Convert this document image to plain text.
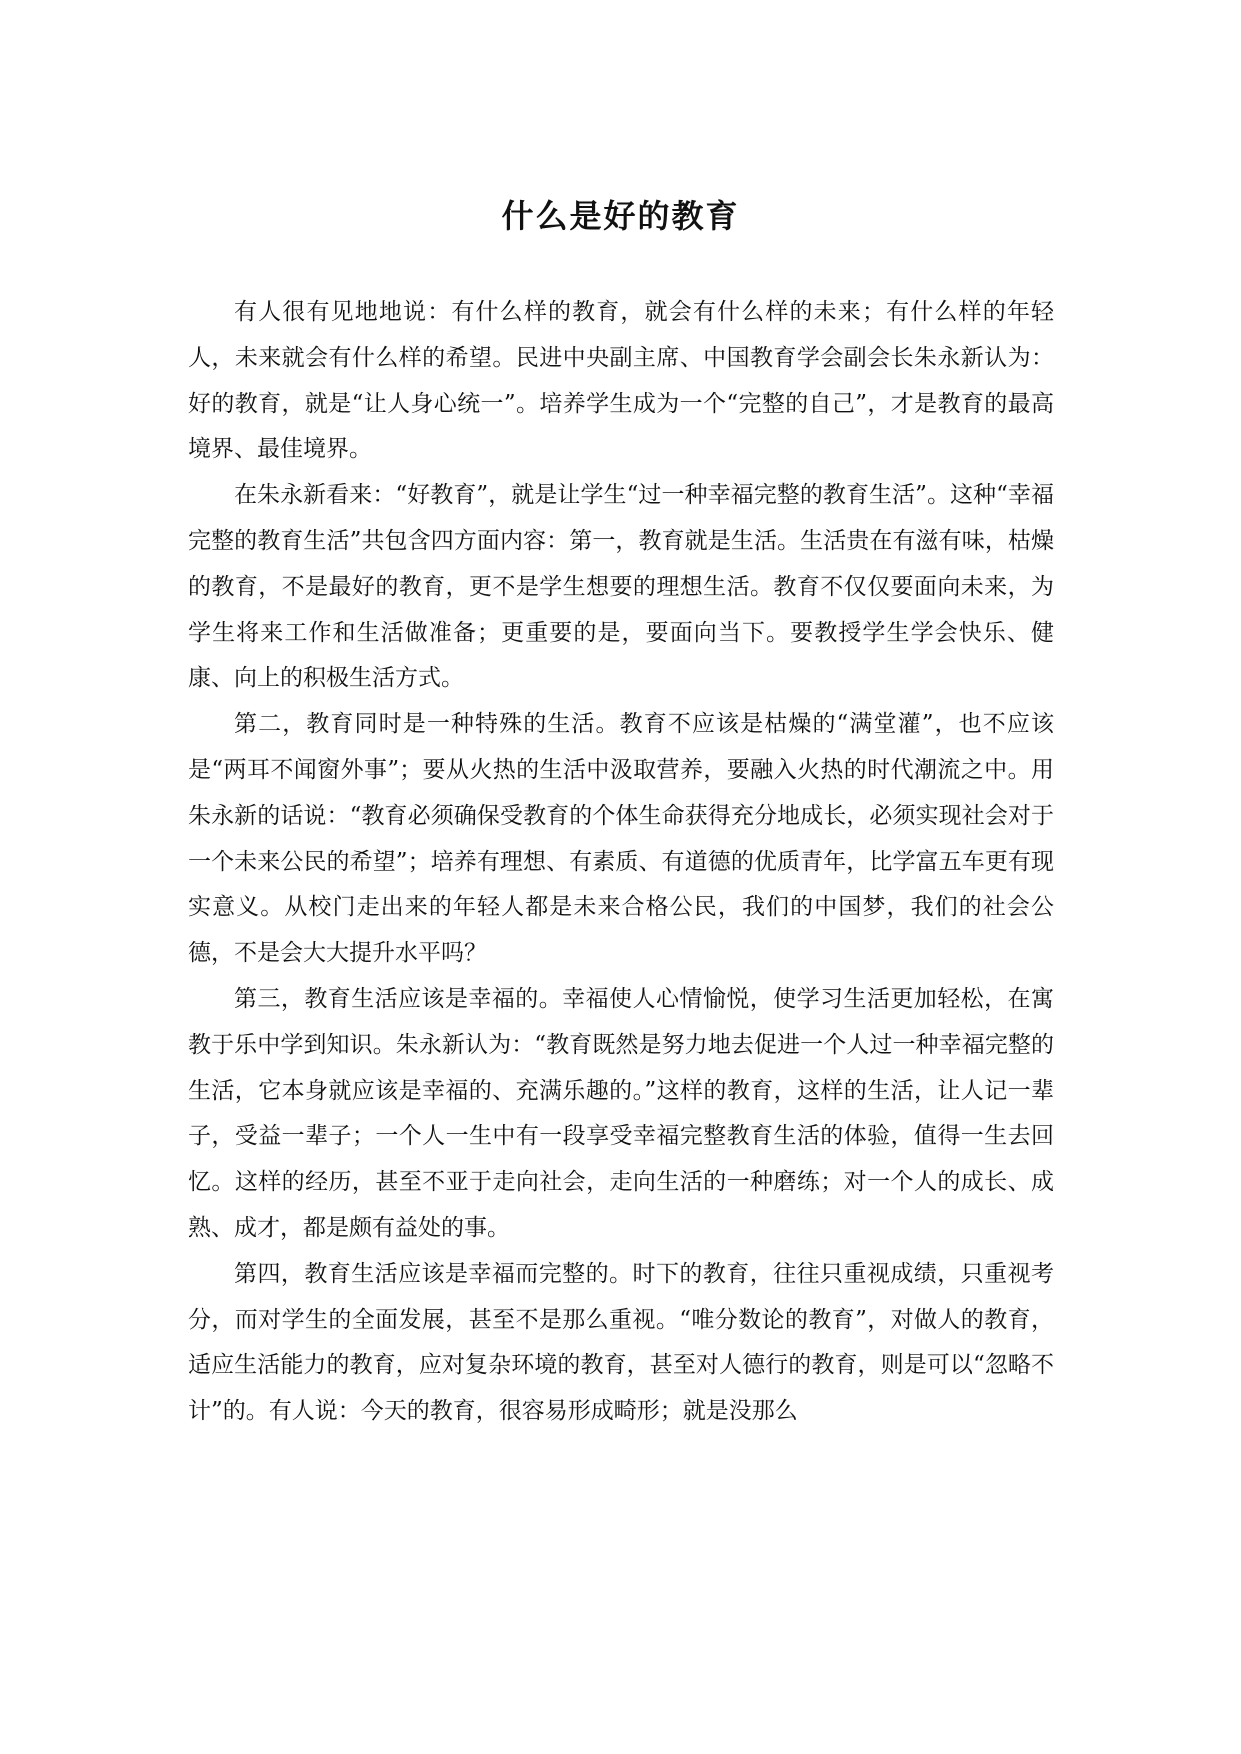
什么是好的教育

有人很有见地地说：有什么样的教育，就会有什么样的未来；有什么样的年轻人，未来就会有什么样的希望。民进中央副主席、中国教育学会副会长朱永新认为：好的教育，就是“让人身心统一”。培养学生成为一个“完整的自己”，才是教育的最高境界、最佳境界。

在朱永新看来：“好教育”，就是让学生“过一种幸福完整的教育生活”。这种“幸福完整的教育生活”共包含四方面内容：第一，教育就是生活。生活贵在有滋有味，枯燥的教育，不是最好的教育，更不是学生想要的理想生活。教育不仅仅要面向未来，为学生将来工作和生活做准备；更重要的是，要面向当下。要教授学生学会快乐、健康、向上的积极生活方式。

第二，教育同时是一种特殊的生活。教育不应该是枯燥的“满堂灌”，也不应该是“两耳不闻窗外事”；要从火热的生活中汲取营养，要融入火热的时代潮流之中。用朱永新的话说：“教育必须确保受教育的个体生命获得充分地成长，必须实现社会对于一个未来公民的希望”；培养有理想、有素质、有道德的优质青年，比学富五车更有现实意义。从校门走出来的年轻人都是未来合格公民，我们的中国梦，我们的社会公德，不是会大大提升水平吗？

第三，教育生活应该是幸福的。幸福使人心情愉悦，使学习生活更加轻松，在寓教于乐中学到知识。朱永新认为：“教育既然是努力地去促进一个人过一种幸福完整的生活，它本身就应该是幸福的、充满乐趣的。”这样的教育，这样的生活，让人记一辈子，受益一辈子；一个人一生中有一段享受幸福完整教育生活的体验，值得一生去回忆。这样的经历，甚至不亚于走向社会，走向生活的一种磨练；对一个人的成长、成熟、成才，都是颇有益处的事。

第四，教育生活应该是幸福而完整的。时下的教育，往往只重视成绩，只重视考分，而对学生的全面发展，甚至不是那么重视。“唯分数论的教育”，对做人的教育，适应生活能力的教育，应对复杂环境的教育，甚至对人德行的教育，则是可以“忽略不计”的。有人说：今天的教育，很容易形成畸形；就是没那么
